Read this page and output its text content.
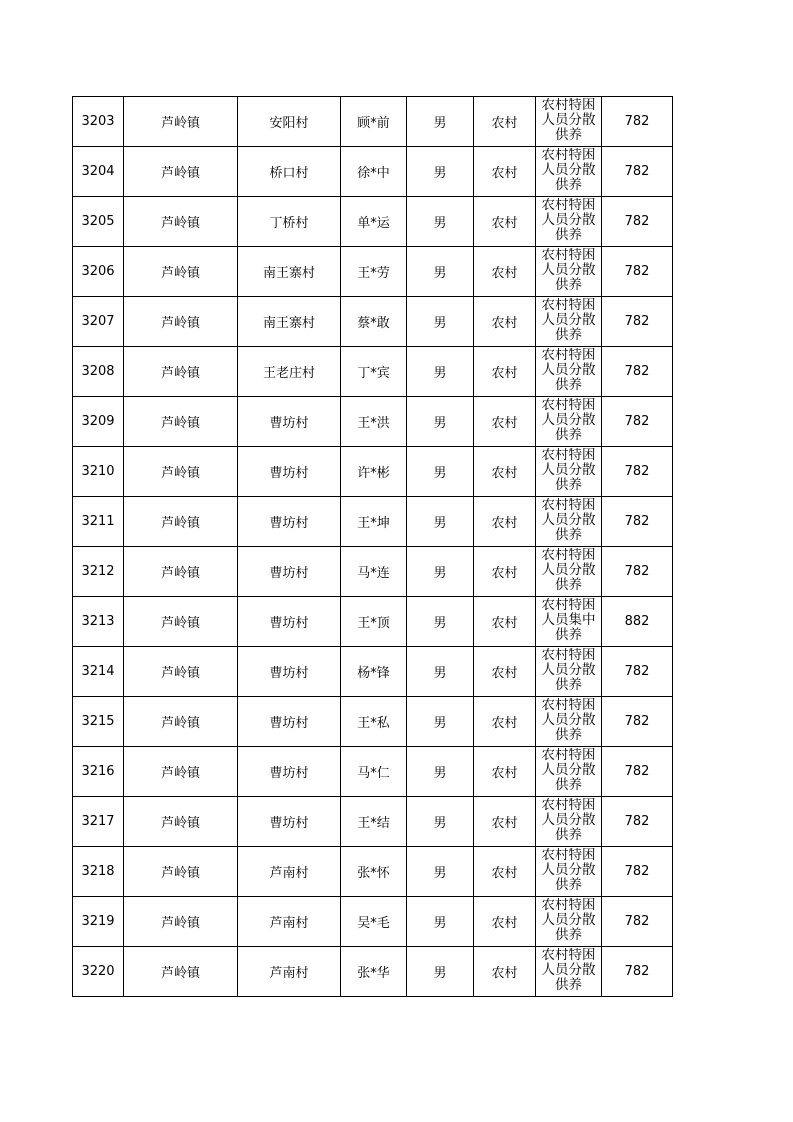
3203	芦岭镇	安阳村	顾*前	男	农村	农村特困人员分散供养	782
3204	芦岭镇	桥口村	徐*中	男	农村	农村特困人员分散供养	782
3205	芦岭镇	丁桥村	单*运	男	农村	农村特困人员分散供养	782
3206	芦岭镇	南王寨村	王*劳	男	农村	农村特困人员分散供养	782
3207	芦岭镇	南王寨村	蔡*敢	男	农村	农村特困人员分散供养	782
3208	芦岭镇	王老庄村	丁*宾	男	农村	农村特困人员分散供养	782
3209	芦岭镇	曹坊村	王*洪	男	农村	农村特困人员分散供养	782
3210	芦岭镇	曹坊村	许*彬	男	农村	农村特困人员分散供养	782
3211	芦岭镇	曹坊村	王*坤	男	农村	农村特困人员分散供养	782
3212	芦岭镇	曹坊村	马*连	男	农村	农村特困人员分散供养	782
3213	芦岭镇	曹坊村	王*顶	男	农村	农村特困人员集中供养	882
3214	芦岭镇	曹坊村	杨*锋	男	农村	农村特困人员分散供养	782
3215	芦岭镇	曹坊村	王*私	男	农村	农村特困人员分散供养	782
3216	芦岭镇	曹坊村	马*仁	男	农村	农村特困人员分散供养	782
3217	芦岭镇	曹坊村	王*结	男	农村	农村特困人员分散供养	782
3218	芦岭镇	芦南村	张*怀	男	农村	农村特困人员分散供养	782
3219	芦岭镇	芦南村	吴*毛	男	农村	农村特困人员分散供养	782
3220	芦岭镇	芦南村	张*华	男	农村	农村特困人员分散供养	782
